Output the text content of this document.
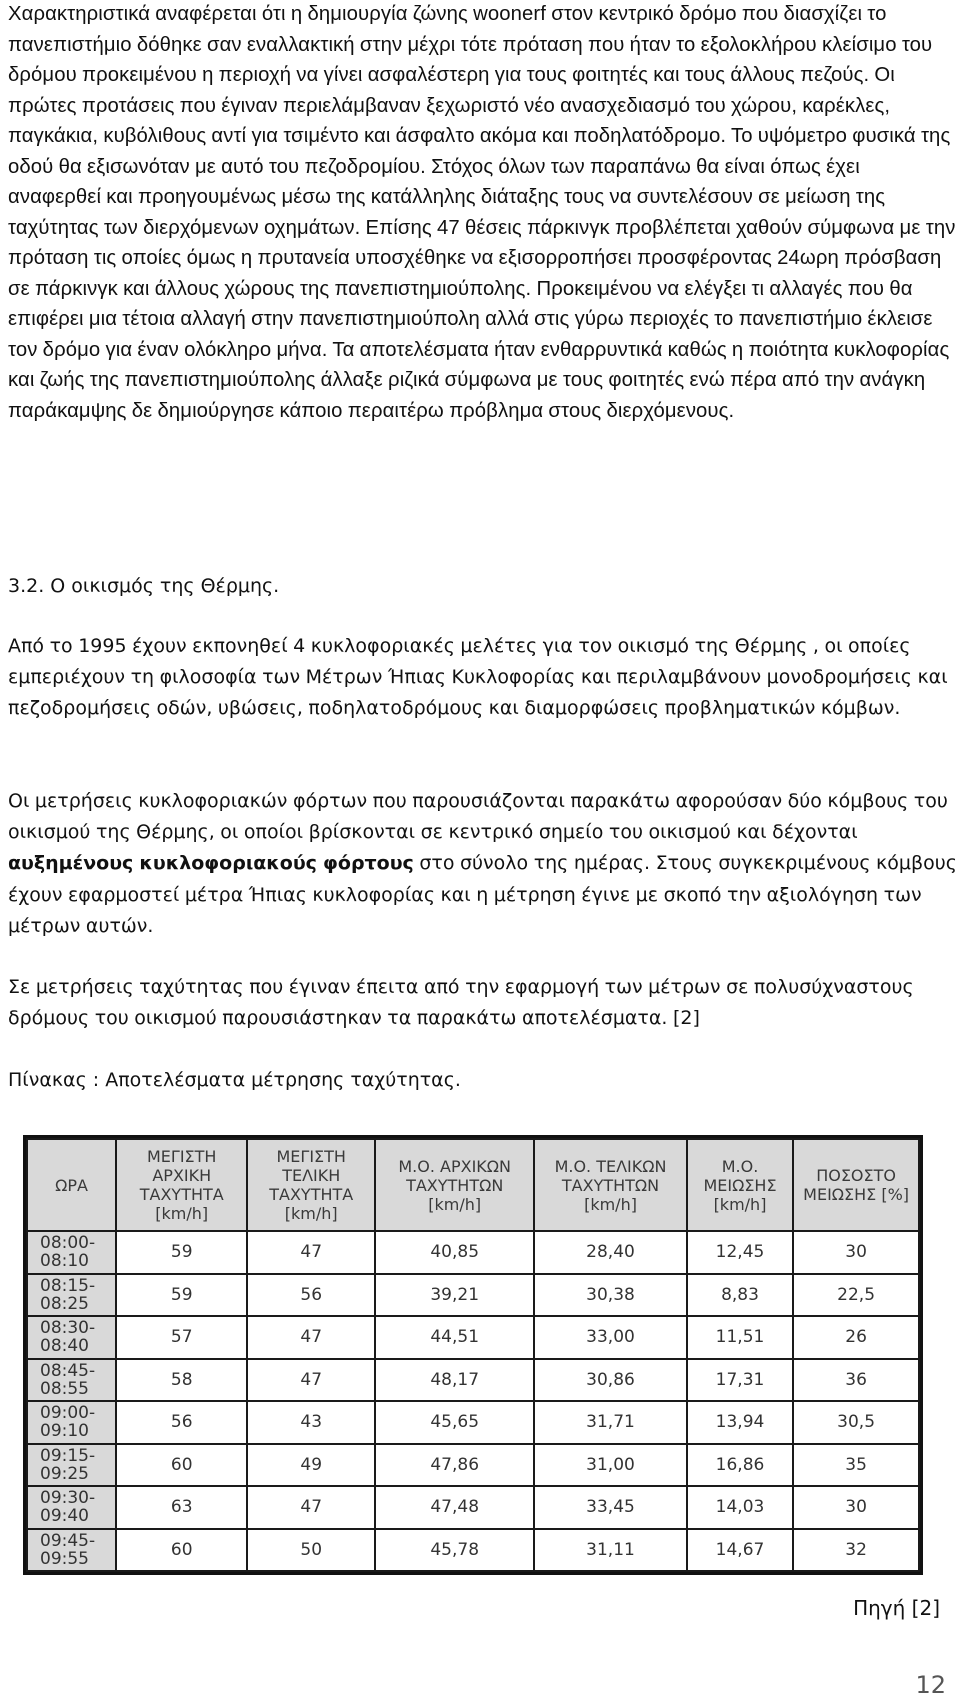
Χαρακτηριστικά αναφέρεται ότι η δημιουργία ζώνης woonerf στον κεντρικό δρόμο που διασχίζει το πανεπιστήμιο δόθηκε σαν εναλλακτική στην μέχρι τότε πρόταση που ήταν το εξολοκλήρου κλείσιμο του δρόμου προκειμένου η περιοχή να γίνει ασφαλέστερη για τους φοιτητές και τους άλλους πεζούς. Οι πρώτες προτάσεις που έγιναν περιελάμβαναν ξεχωριστό νέο ανασχεδιασμό του χώρου, καρέκλες, παγκάκια, κυβόλιθους αντί για τσιμέντο και άσφαλτο ακόμα και ποδηλατόδρομο. Το υψόμετρο φυσικά της οδού θα εξισωνόταν με αυτό του πεζοδρομίου. Στόχος όλων των παραπάνω θα είναι όπως έχει αναφερθεί και προηγουμένως μέσω της κατάλληλης διάταξης τους να συντελέσουν σε μείωση της ταχύτητας των διερχόμενων οχημάτων. Επίσης 47 θέσεις πάρκινγκ προβλέπεται χαθούν σύμφωνα με την πρόταση τις οποίες όμως η πρυτανεία υποσχέθηκε να εξισορροπήσει προσφέροντας 24ωρη πρόσβαση σε πάρκινγκ και άλλους χώρους της πανεπιστημιούπολης. Προκειμένου να ελέγξει τι αλλαγές που θα επιφέρει μια τέτοια αλλαγή στην πανεπιστημιούπολη αλλά στις γύρω περιοχές το πανεπιστήμιο έκλεισε τον δρόμο για έναν ολόκληρο μήνα. Τα αποτελέσματα ήταν ενθαρρυντικά καθώς η ποιότητα κυκλοφορίας και ζωής της πανεπιστημιούπολης άλλαξε ριζικά σύμφωνα με τους φοιτητές ενώ πέρα από την ανάγκη παράκαμψης δε δημιούργησε κάποιο περαιτέρω πρόβλημα στους διερχόμενους.

3.2. Ο οικισμός της Θέρμης.

Από το 1995 έχουν εκπονηθεί 4 κυκλοφοριακές μελέτες για τον οικισμό της Θέρμης , οι οποίες εμπεριέχουν τη φιλοσοφία των Μέτρων Ήπιας Κυκλοφορίας και περιλαμβάνουν μονοδρομήσεις και πεζοδρομήσεις οδών, υβώσεις, ποδηλατοδρόμους και διαμορφώσεις προβληματικών κόμβων.

Οι μετρήσεις κυκλοφοριακών φόρτων που παρουσιάζονται παρακάτω αφορούσαν δύο κόμβους του οικισμού της Θέρμης, οι οποίοι βρίσκονται σε κεντρικό σημείο του οικισμού και δέχονται αυξημένους κυκλοφοριακούς φόρτους στο σύνολο της ημέρας. Στους συγκεκριμένους κόμβους έχουν εφαρμοστεί μέτρα Ήπιας κυκλοφορίας και η μέτρηση έγινε με σκοπό την αξιολόγηση των μέτρων αυτών.

Σε μετρήσεις ταχύτητας που έγιναν έπειτα από την εφαρμογή των μέτρων σε πολυσύχναστους δρόμους του οικισμού παρουσιάστηκαν τα παρακάτω αποτελέσματα. [2]

Πίνακας : Αποτελέσματα μέτρησης ταχύτητας.

ΩΡΑ	ΜΕΓΙΣΤΗ ΑΡΧΙΚΗ ΤΑΧΥΤΗΤΑ [km/h]	ΜΕΓΙΣΤΗ ΤΕΛΙΚΗ ΤΑΧΥΤΗΤΑ [km/h]	Μ.Ο. ΑΡΧΙΚΩΝ ΤΑΧΥΤΗΤΩΝ [km/h]	Μ.Ο. ΤΕΛΙΚΩΝ ΤΑΧΥΤΗΤΩΝ [km/h]	Μ.Ο. ΜΕΙΩΣΗΣ [km/h]	ΠΟΣΟΣΤΟ ΜΕΙΩΣΗΣ [%]
08:00-08:10	59	47	40,85	28,40	12,45	30
08:15-08:25	59	56	39,21	30,38	8,83	22,5
08:30-08:40	57	47	44,51	33,00	11,51	26
08:45-08:55	58	47	48,17	30,86	17,31	36
09:00-09:10	56	43	45,65	31,71	13,94	30,5
09:15-09:25	60	49	47,86	31,00	16,86	35
09:30-09:40	63	47	47,48	33,45	14,03	30
09:45-09:55	60	50	45,78	31,11	14,67	32

Πηγή [2]

12
